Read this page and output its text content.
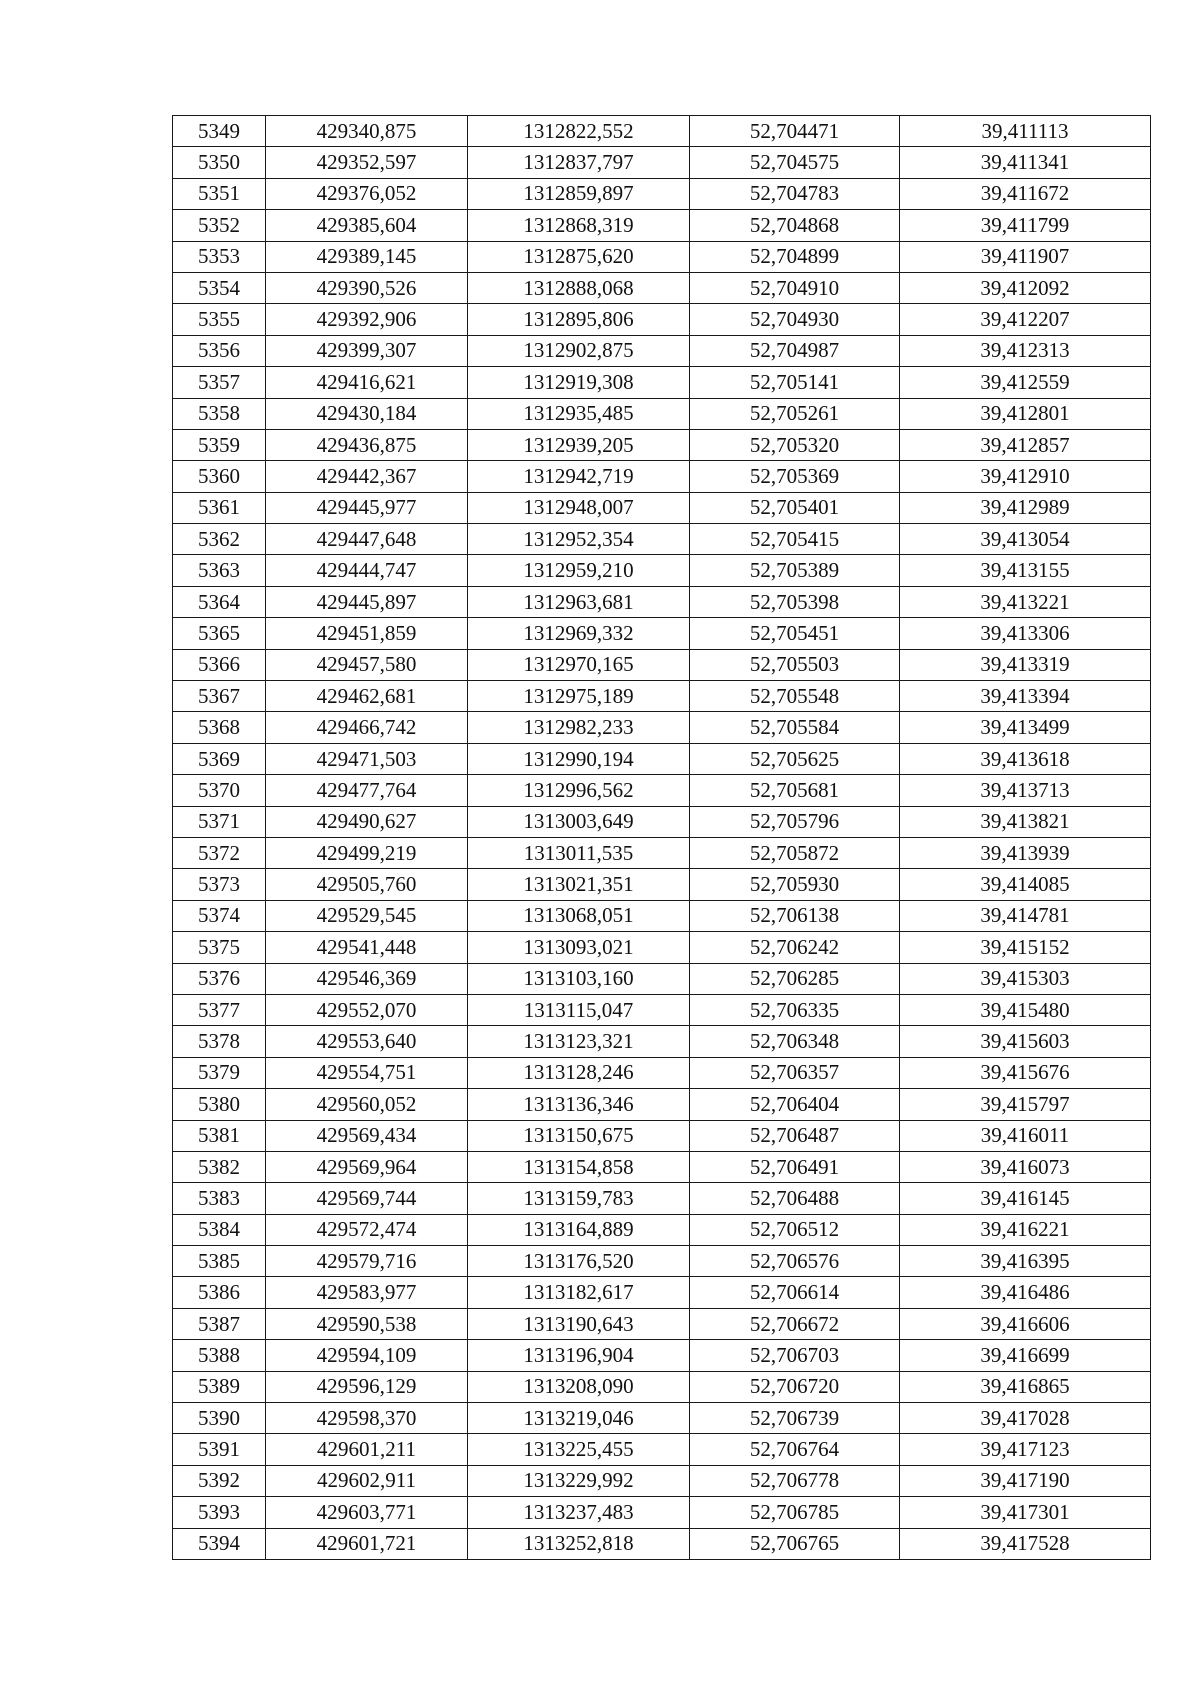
5349	429340,875	1312822,552	52,704471	39,411113
5350	429352,597	1312837,797	52,704575	39,411341
5351	429376,052	1312859,897	52,704783	39,411672
5352	429385,604	1312868,319	52,704868	39,411799
5353	429389,145	1312875,620	52,704899	39,411907
5354	429390,526	1312888,068	52,704910	39,412092
5355	429392,906	1312895,806	52,704930	39,412207
5356	429399,307	1312902,875	52,704987	39,412313
5357	429416,621	1312919,308	52,705141	39,412559
5358	429430,184	1312935,485	52,705261	39,412801
5359	429436,875	1312939,205	52,705320	39,412857
5360	429442,367	1312942,719	52,705369	39,412910
5361	429445,977	1312948,007	52,705401	39,412989
5362	429447,648	1312952,354	52,705415	39,413054
5363	429444,747	1312959,210	52,705389	39,413155
5364	429445,897	1312963,681	52,705398	39,413221
5365	429451,859	1312969,332	52,705451	39,413306
5366	429457,580	1312970,165	52,705503	39,413319
5367	429462,681	1312975,189	52,705548	39,413394
5368	429466,742	1312982,233	52,705584	39,413499
5369	429471,503	1312990,194	52,705625	39,413618
5370	429477,764	1312996,562	52,705681	39,413713
5371	429490,627	1313003,649	52,705796	39,413821
5372	429499,219	1313011,535	52,705872	39,413939
5373	429505,760	1313021,351	52,705930	39,414085
5374	429529,545	1313068,051	52,706138	39,414781
5375	429541,448	1313093,021	52,706242	39,415152
5376	429546,369	1313103,160	52,706285	39,415303
5377	429552,070	1313115,047	52,706335	39,415480
5378	429553,640	1313123,321	52,706348	39,415603
5379	429554,751	1313128,246	52,706357	39,415676
5380	429560,052	1313136,346	52,706404	39,415797
5381	429569,434	1313150,675	52,706487	39,416011
5382	429569,964	1313154,858	52,706491	39,416073
5383	429569,744	1313159,783	52,706488	39,416145
5384	429572,474	1313164,889	52,706512	39,416221
5385	429579,716	1313176,520	52,706576	39,416395
5386	429583,977	1313182,617	52,706614	39,416486
5387	429590,538	1313190,643	52,706672	39,416606
5388	429594,109	1313196,904	52,706703	39,416699
5389	429596,129	1313208,090	52,706720	39,416865
5390	429598,370	1313219,046	52,706739	39,417028
5391	429601,211	1313225,455	52,706764	39,417123
5392	429602,911	1313229,992	52,706778	39,417190
5393	429603,771	1313237,483	52,706785	39,417301
5394	429601,721	1313252,818	52,706765	39,417528
